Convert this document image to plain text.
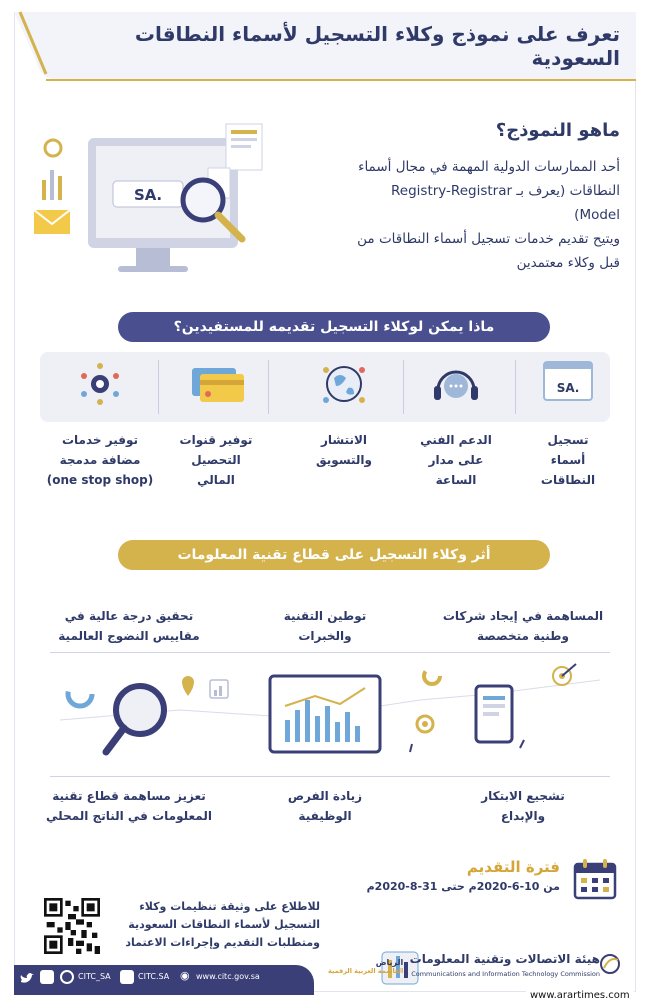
تعرف على نموذج وكلاء التسجيل لأسماء النطاقات السعودية
ماهو النموذج؟
أحد الممارسات الدولية المهمة في مجال أسماء
النطاقات (يعرف بـ Registry-Registrar Model)
ويتيح تقديم خدمات تسجيل أسماء النطاقات من
قبل وكلاء معتمدين
.SA
ماذا يمكن لوكلاء التسجيل تقديمه للمستفيدين؟
.SA
تسجيل
أسماء
النطاقات
الدعم الفني
على مدار
الساعة
الانتشار
والتسويق
توفير قنوات
التحصيل
المالي
توفير خدمات
مضافة مدمجة
(one stop shop)
أثر وكلاء التسجيل على قطاع تقنية المعلومات
المساهمة في إيجاد شركات
وطنية متخصصة
توطين التقنية
والخبرات
تحقيق درجة عالية في
مقاييس النضوج العالمية
تشجيع الابتكار
والإبداع
زيادة الفرص
الوظيفية
تعزيز مساهمة قطاع تقنية
المعلومات في الناتج المحلي
فترة التقديم
من 10-6-2020م حتى 31-8-2020م
للاطلاع على وثيقة تنظيمات وكلاء
التسجيل لأسماء النطاقات السعودية
ومتطلبات التقديم وإجراءات الاعتماد
الرياض
العاصمة العربية الرقمية
هيئة الاتصالات وتقنية المعلومات
Communications and Information Technology Commission
CITC_SA	CITC.SA ◉ www.citc.gov.sa
www.arartimes.com
